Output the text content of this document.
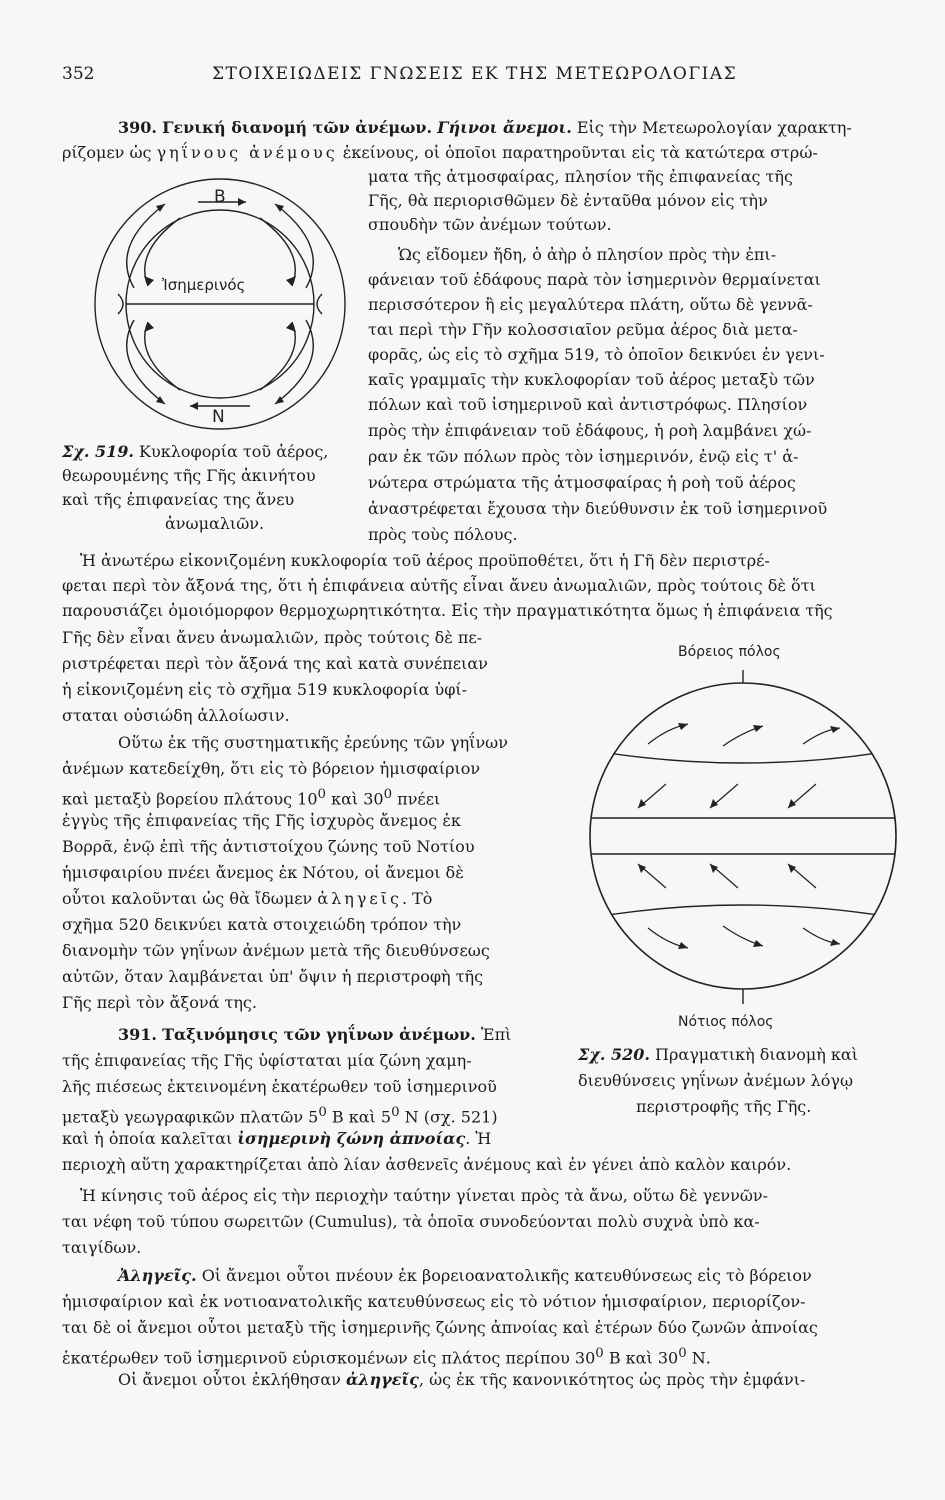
352	ΣΤΟΙΧΕΙΩΔΕΙΣ ΓΝΩΣΕΙΣ ΕΚ ΤΗΣ ΜΕΤΕΩΡΟΛΟΓΙΑΣ
390. Γενική διανομή τῶν ἀνέμων. Γήινοι ἄνεμοι. Εἰς τὴν Μετεωρολογίαν χαρακτη-
ρίζομεν ὡς γηΐνους ἀνέμους ἐκείνους, οἱ ὁποῖοι παρατηροῦνται εἰς τὰ κατώτερα στρώ-
ματα τῆς ἀτμοσφαίρας, πλησίον τῆς ἐπιφανείας τῆς
Γῆς, θὰ περιορισθῶμεν δὲ ἐνταῦθα μόνον εἰς τὴν
σπουδὴν τῶν ἀνέμων τούτων.
Ὡς εἴδομεν ἤδη, ὁ ἀὴρ ὁ πλησίον πρὸς τὴν ἐπι-
φάνειαν τοῦ ἐδάφους παρὰ τὸν ἰσημερινὸν θερμαίνεται
περισσότερον ἢ εἰς μεγαλύτερα πλάτη, οὕτω δὲ γεννᾶ-
ται περὶ τὴν Γῆν κολοσσιαῖον ρεῦμα ἀέρος διὰ μετα-
φορᾶς, ὡς εἰς τὸ σχῆμα 519, τὸ ὁποῖον δεικνύει ἐν γενι-
καῖς γραμμαῖς τὴν κυκλοφορίαν τοῦ ἀέρος μεταξὺ τῶν
πόλων καὶ τοῦ ἰσημερινοῦ καὶ ἀντιστρόφως. Πλησίον
πρὸς τὴν ἐπιφάνειαν τοῦ ἐδάφους, ἡ ροὴ λαμβάνει χώ-
ραν ἐκ τῶν πόλων πρὸς τὸν ἰσημερινόν, ἐνῷ εἰς τ' ἀ-
νώτερα στρώματα τῆς ἀτμοσφαίρας ἡ ροὴ τοῦ ἀέρος
ἀναστρέφεται ἔχουσα τὴν διεύθυνσιν ἐκ τοῦ ἰσημερινοῦ
πρὸς τοὺς πόλους.
Β
Ν
Ἰσημερινός
Σχ. 519. Κυκλοφορία τοῦ ἀέρος,
θεωρουμένης τῆς Γῆς ἀκινήτου
καὶ τῆς ἐπιφανείας της ἄνευ
ἀνωμαλιῶν.
Ἡ ἀνωτέρω εἰκονιζομένη κυκλοφορία τοῦ ἀέρος προϋποθέτει, ὅτι ἡ Γῆ δὲν περιστρέ-
φεται περὶ τὸν ἄξονά της, ὅτι ἡ ἐπιφάνεια αὐτῆς εἶναι ἄνευ ἀνωμαλιῶν, πρὸς τούτοις δὲ ὅτι
παρουσιάζει ὁμοιόμορφον θερμοχωρητικότητα. Εἰς τὴν πραγματικότητα ὅμως ἡ ἐπιφάνεια τῆς
Γῆς δὲν εἶναι ἄνευ ἀνωμαλιῶν, πρὸς τούτοις δὲ πε-
ριστρέφεται περὶ τὸν ἄξονά της καὶ κατὰ συνέπειαν
ἡ εἰκονιζομένη εἰς τὸ σχῆμα 519 κυκλοφορία ὑφί-
σταται οὐσιώδη ἀλλοίωσιν.
Οὕτω ἐκ τῆς συστηματικῆς ἐρεύνης τῶν γηΐνων
ἀνέμων κατεδείχθη, ὅτι εἰς τὸ βόρειον ἡμισφαίριον
καὶ μεταξὺ βορείου πλάτους $10^0$ καὶ $30^0$ πνέει
ἐγγὺς τῆς ἐπιφανείας τῆς Γῆς ἰσχυρὸς ἄνεμος ἐκ
Βορρᾶ, ἐνῷ ἐπὶ τῆς ἀντιστοίχου ζώνης τοῦ Νοτίου
ἡμισφαιρίου πνέει ἄνεμος ἐκ Νότου, οἱ ἄνεμοι δὲ
οὗτοι καλοῦνται ὡς θὰ ἴδωμεν ἀληγεῖς. Τὸ
σχῆμα 520 δεικνύει κατὰ στοιχειώδη τρόπον τὴν
διανομὴν τῶν γηΐνων ἀνέμων μετὰ τῆς διευθύνσεως
αὐτῶν, ὅταν λαμβάνεται ὑπ' ὄψιν ἡ περιστροφὴ τῆς
Γῆς περὶ τὸν ἄξονά της.
Βόρειος πόλος
Νότιος πόλος
Σχ. 520. Πραγματικὴ διανομὴ καὶ
διευθύνσεις γηΐνων ἀνέμων λόγῳ
περιστροφῆς τῆς Γῆς.
391. Ταξινόμησις τῶν γηΐνων ἀνέμων. Ἐπὶ
τῆς ἐπιφανείας τῆς Γῆς ὑφίσταται μία ζώνη χαμη-
λῆς πιέσεως ἐκτεινομένη ἑκατέρωθεν τοῦ ἰσημερινοῦ
μεταξὺ γεωγραφικῶν πλατῶν $5^0$ Β καὶ $5^0$ Ν (σχ. 521)
καὶ ἡ ὁποία καλεῖται ἰσημερινὴ ζώνη ἀπνοίας. Ἡ
περιοχὴ αὕτη χαρακτηρίζεται ἀπὸ λίαν ἀσθενεῖς ἀνέμους καὶ ἐν γένει ἀπὸ καλὸν καιρόν.
Ἡ κίνησις τοῦ ἀέρος εἰς τὴν περιοχὴν ταύτην γίνεται πρὸς τὰ ἄνω, οὕτω δὲ γεννῶν-
ται νέφη τοῦ τύπου σωρειτῶν (Cumulus), τὰ ὁποῖα συνοδεύονται πολὺ συχνὰ ὑπὸ κα-
ταιγίδων.
Ἀληγεῖς. Οἱ ἄνεμοι οὗτοι πνέουν ἐκ βορειοανατολικῆς κατευθύνσεως εἰς τὸ βόρειον
ἡμισφαίριον καὶ ἐκ νοτιοανατολικῆς κατευθύνσεως εἰς τὸ νότιον ἡμισφαίριον, περιορίζον-
ται δὲ οἱ ἄνεμοι οὗτοι μεταξὺ τῆς ἰσημερινῆς ζώνης ἀπνοίας καὶ ἑτέρων δύο ζωνῶν ἀπνοίας
ἑκατέρωθεν τοῦ ἰσημερινοῦ εὑρισκομένων εἰς πλάτος περίπου $30^0$ Β καὶ $30^0$ Ν.
Οἱ ἄνεμοι οὗτοι ἐκλήθησαν ἀληγεῖς, ὡς ἐκ τῆς κανονικότητος ὡς πρὸς τὴν ἐμφάνι-
